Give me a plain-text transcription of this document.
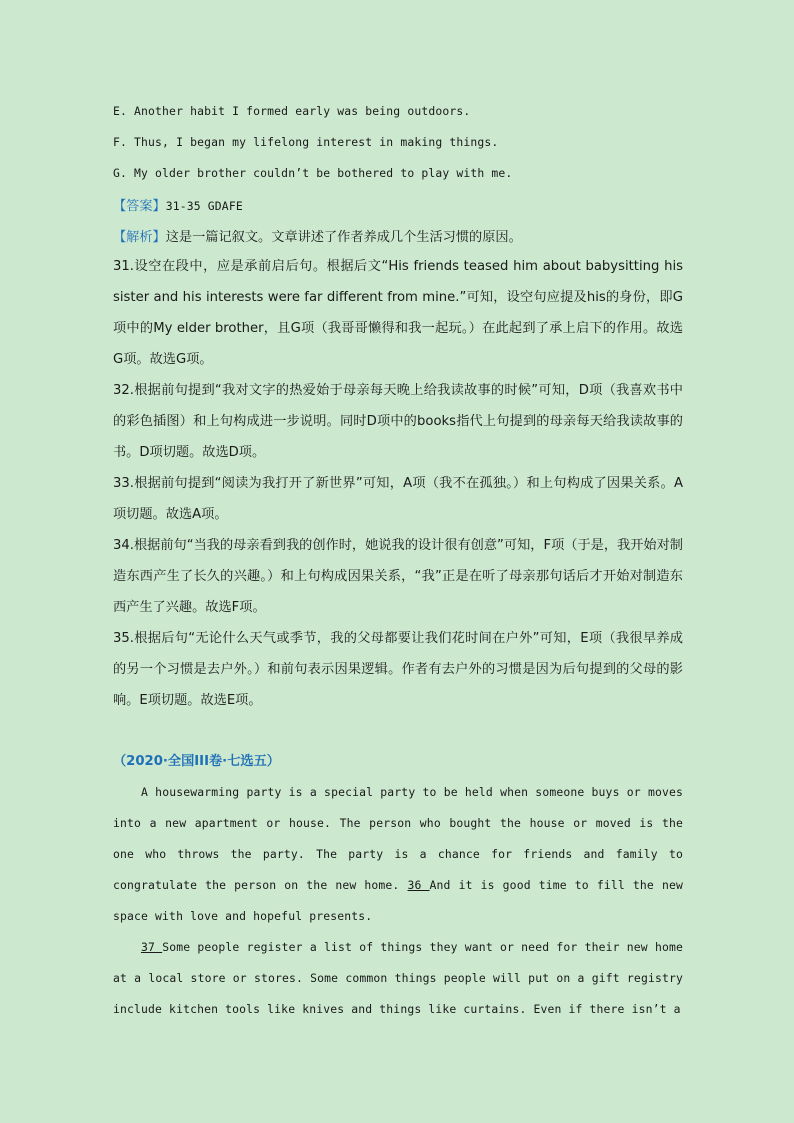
E. Another habit I formed early was being outdoors.
F. Thus, I began my lifelong interest in making things.
G. My older brother couldn’t be bothered to play with me.
【答案】31-35 GDAFE
【解析】这是一篇记叙文。文章讲述了作者养成几个生活习惯的原因。
31.设空在段中，应是承前启后句。根据后文“His friends teased him about babysitting his sister and his interests were far different from mine.”可知，设空句应提及his的身份，即G项中的My elder brother，且G项（我哥哥懒得和我一起玩。）在此起到了承上启下的作用。故选G项。故选G项。
32.根据前句提到“我对文字的热爱始于母亲每天晚上给我读故事的时候”可知，D项（我喜欢书中的彩色插图）和上句构成进一步说明。同时D项中的books指代上句提到的母亲每天给我读故事的书。D项切题。故选D项。
33.根据前句提到“阅读为我打开了新世界”可知，A项（我不在孤独。）和上句构成了因果关系。A项切题。故选A项。
34.根据前句“当我的母亲看到我的创作时，她说我的设计很有创意”可知，F项（于是，我开始对制造东西产生了长久的兴趣。）和上句构成因果关系，“我”正是在听了母亲那句话后才开始对制造东西产生了兴趣。故选F项。
35.根据后句“无论什么天气或季节，我的父母都要让我们花时间在户外”可知，E项（我很早养成的另一个习惯是去户外。）和前句表示因果逻辑。作者有去户外的习惯是因为后句提到的父母的影响。E项切题。故选E项。
（2020·全国III卷·七选五）
A housewarming party is a special party to be held when someone buys or moves into a new apartment or house. The person who bought the house or moved is the one who throws the party. The party is a chance for friends and family to congratulate the person on the new home. 36 And it is good time to fill the new space with love and hopeful presents.
37 Some people register a list of things they want or need for their new home at a local store or stores. Some common things people will put on a gift registry include kitchen tools like knives and things like curtains. Even if there isn’t a
